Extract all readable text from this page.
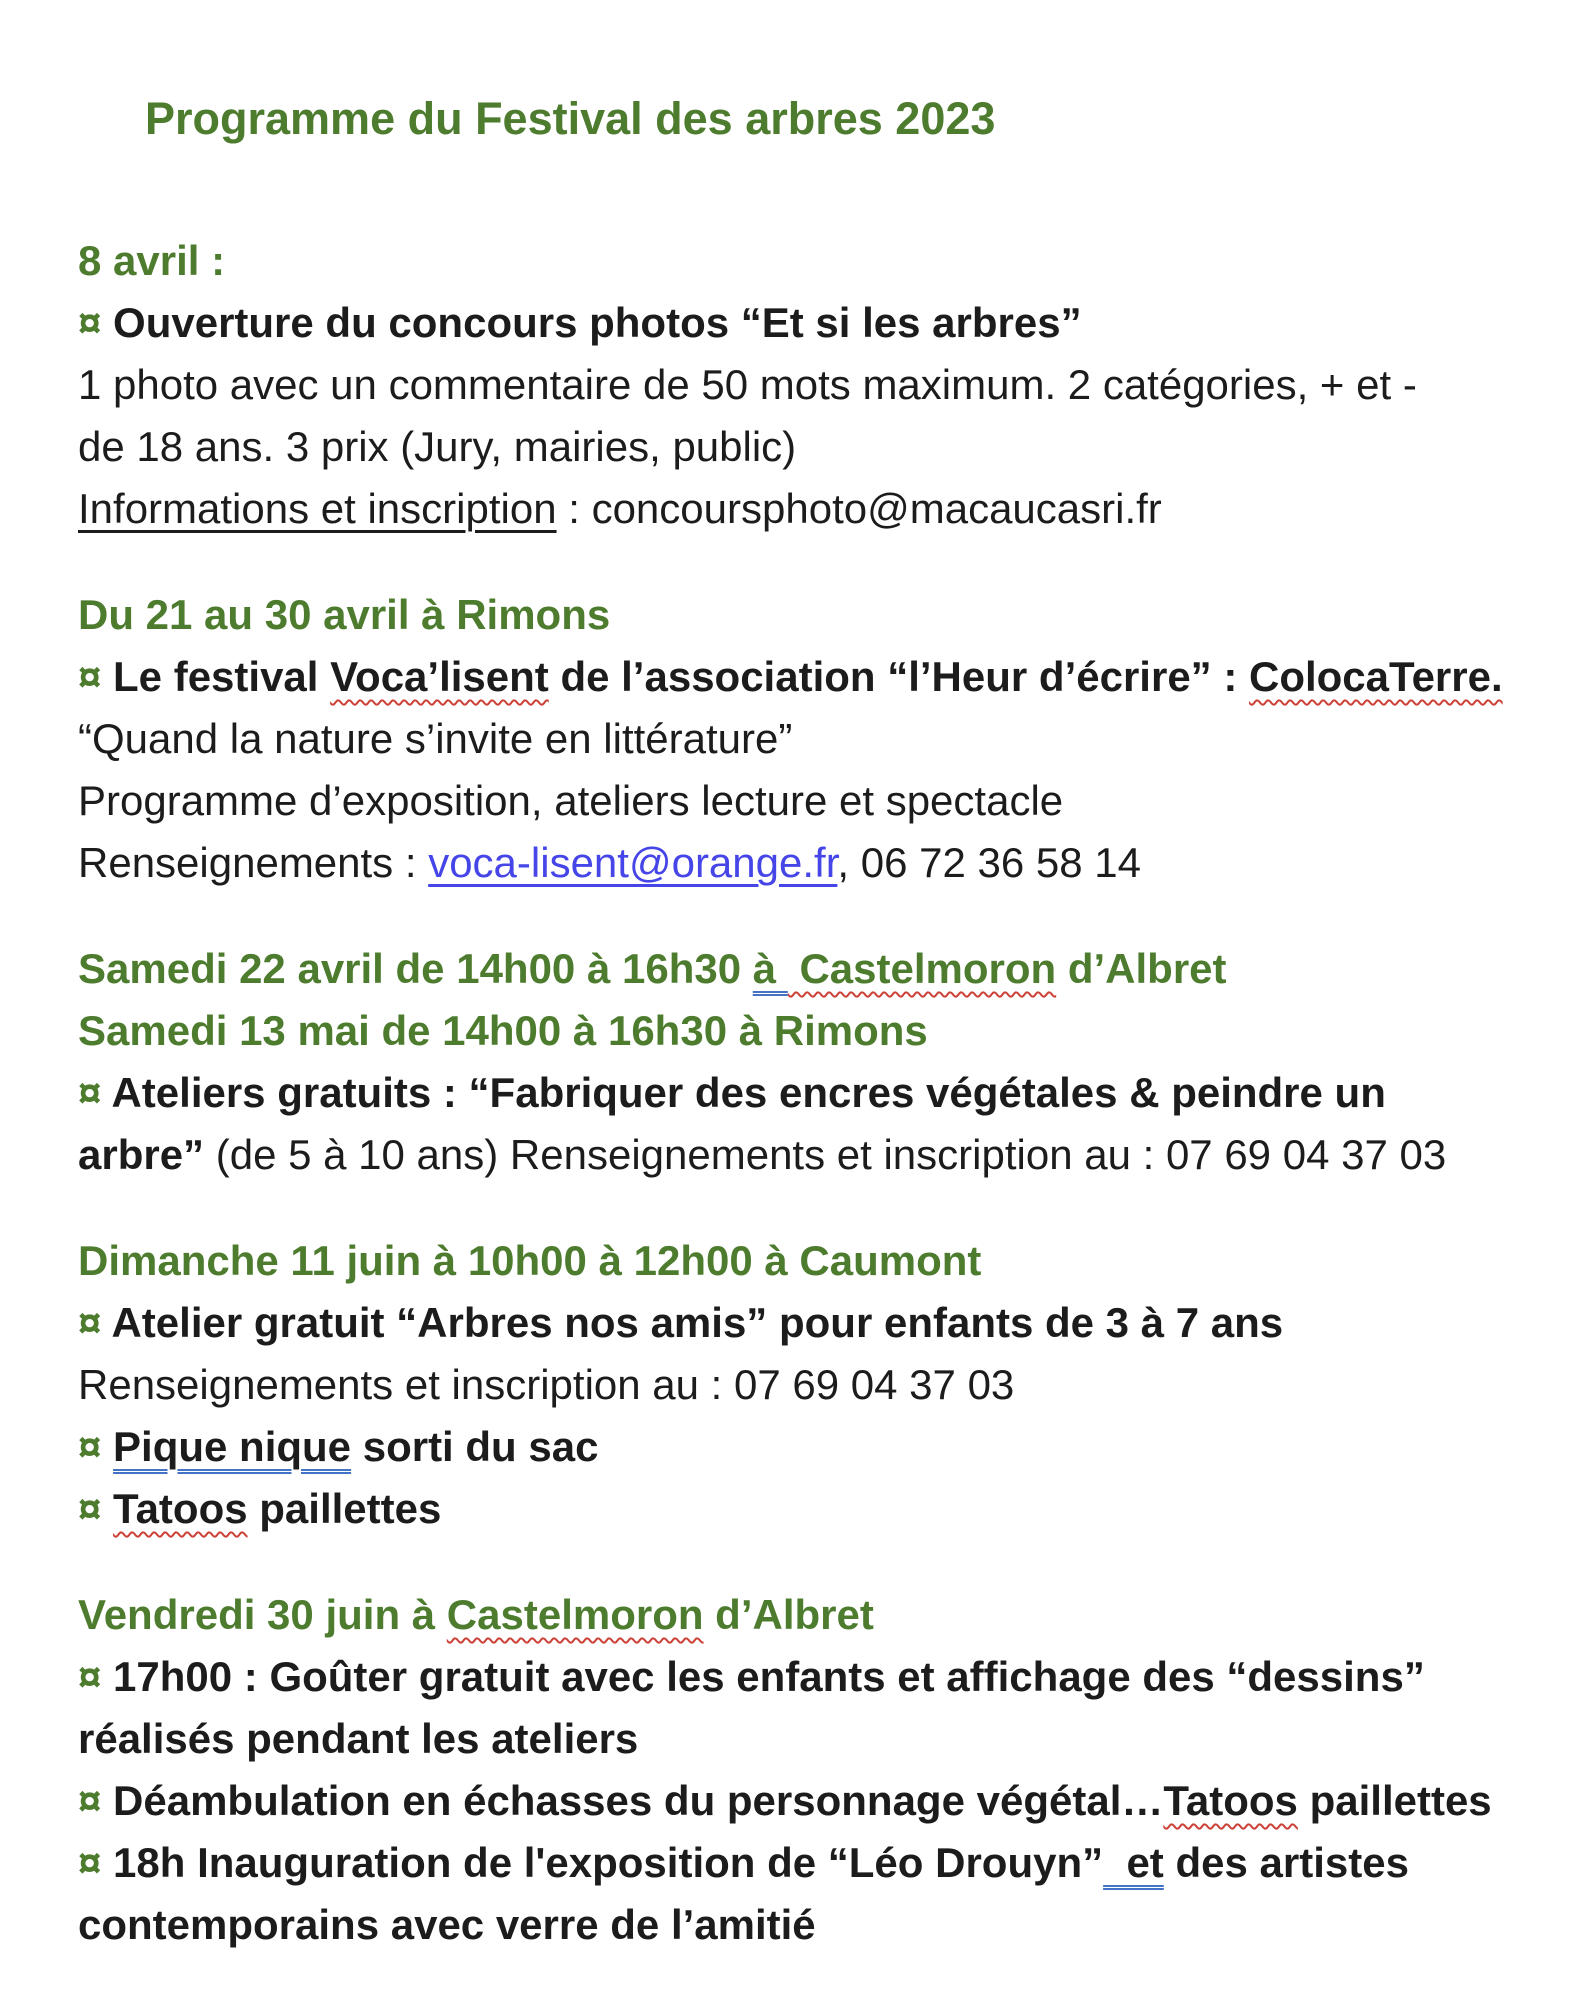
Programme du Festival des arbres 2023
8 avril :
¤ Ouverture du concours photos “Et si les arbres”
1 photo avec un commentaire de 50 mots maximum. 2 catégories, + et -
de 18 ans. 3 prix (Jury, mairies, public)
Informations et inscription : concoursphoto@macaucasri.fr
Du 21 au 30 avril à Rimons
¤ Le festival Voca’lisent de l’association “l’Heur d’écrire” : ColocaTerre.
“Quand la nature s’invite en littérature”
Programme d’exposition, ateliers lecture et spectacle
Renseignements : voca-lisent@orange.fr, 06 72 36 58 14
Samedi 22 avril de 14h00 à 16h30 à  Castelmoron d’Albret
Samedi 13 mai de 14h00 à 16h30 à Rimons
¤ Ateliers gratuits : “Fabriquer des encres végétales & peindre un
arbre” (de 5 à 10 ans) Renseignements et inscription au : 07 69 04 37 03
Dimanche 11 juin à 10h00 à 12h00 à Caumont
¤ Atelier gratuit “Arbres nos amis” pour enfants de 3 à 7 ans
Renseignements et inscription au : 07 69 04 37 03
¤ Pique nique sorti du sac
¤ Tatoos paillettes
Vendredi 30 juin à Castelmoron d’Albret
¤ 17h00 : Goûter gratuit avec les enfants et affichage des “dessins”
réalisés pendant les ateliers
¤ Déambulation en échasses du personnage végétal…Tatoos paillettes
¤ 18h Inauguration de l'exposition de “Léo Drouyn”  et des artistes
contemporains avec verre de l’amitié
